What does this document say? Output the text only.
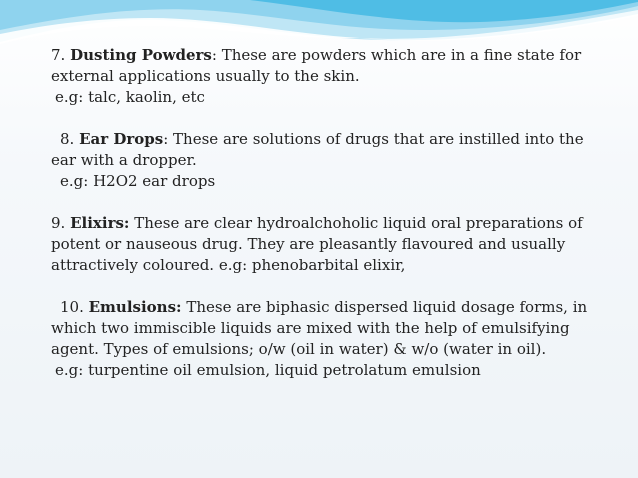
7. Dusting Powders: These are powders which are in a fine state for external applications usually to the skin.

e.g: talc, kaolin, etc

8. Ear Drops: These are solutions of drugs that are instilled into the ear with a dropper.

e.g: H2O2 ear drops

9. Elixirs: These are clear hydroalchoholic liquid oral preparations of potent or nauseous drug. They are pleasantly flavoured and usually attractively coloured. e.g: phenobarbital elixir,

10. Emulsions: These are biphasic dispersed liquid dosage forms, in which two immiscible liquids are mixed with the help of emulsifying agent. Types of emulsions; o/w (oil in water) & w/o (water in oil).

e.g: turpentine oil emulsion, liquid petrolatum emulsion
